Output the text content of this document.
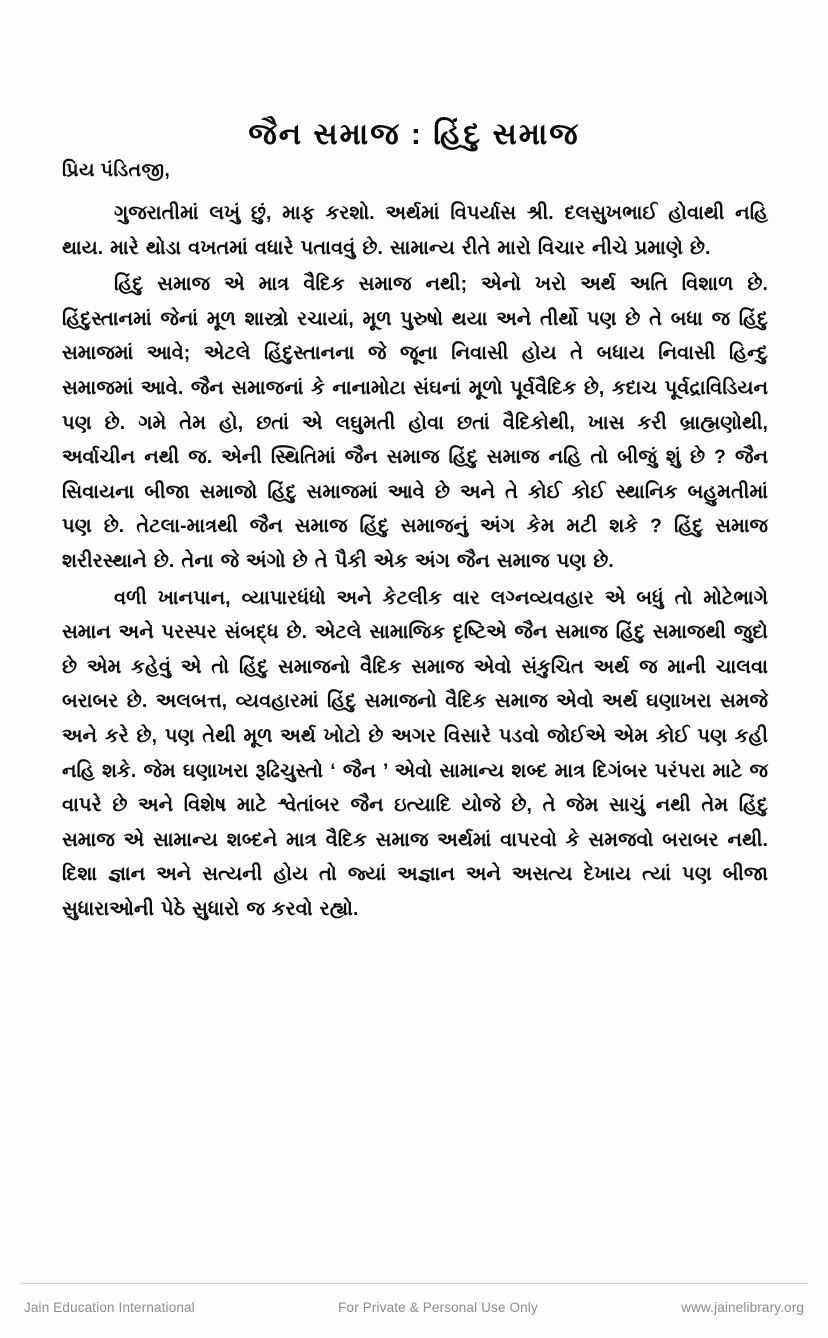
જૈન સમાજ : હિંદુ સમાજ
પ્રિય પંડિતજી,

ગુજરાતીમાં લખું છું, માફ કરશો. અર્થમાં વિપર્યાસ શ્રી. દલસુખભાઈ હોવાથી નહિ થાય. મારે થોડા વખતમાં વધારે પતાવવું છે. સામાન્ય રીતે મારો વિચાર નીચે પ્રમાણે છે.

હિંદુ સમાજ એ માત્ર વૈદિક સમાજ નથી; એનો ખરો અર્થ અતિ વિશાળ છે. હિંદુસ્તાનમાં જેનાં મૂળ શાસ્ત્રો રચાયાં, મૂળ પુરુષો થયા અને તીર્થો પણ છે તે બધા જ હિંદુ સમાજમાં આવે; એટલે હિંદુસ્તાનના જે જૂના નિવાસી હોય તે બધાય નિવાસી હિન્દુ સમાજમાં આવે. જૈન સમાજનાં કે નાનામોટા સંઘનાં મૂળો પૂર્વવૈદિક છે, કદાચ પૂર્વદ્રાવિડિયન પણ છે. ગમે તેમ હો, છતાં એ લઘુમતી હોવા છતાં વૈદિકોથી, ખાસ કરી બ્રાહ્મણોથી, અર્વાચીન નથી જ. એની સ્થિતિમાં જૈન સમાજ હિંદુ સમાજ નહિ તો બીજું શું છે ? જૈન સિવાયના બીજા સમાજો હિંદુ સમાજમાં આવે છે અને તે કોઈ કોઈ સ્થાનિક બહુમતીમાં પણ છે. તેટલા-માત્રથી જૈન સમાજ હિંદુ સમાજનું અંગ કેમ મટી શકે ? હિંદુ સમાજ શરીરસ્થાને છે. તેના જે અંગો છે તે પૈકી એક અંગ જૈન સમાજ પણ છે.

વળી ખાનપાન, વ્યાપારધંધો અને કેટલીક વાર લગ્નવ્યવહાર એ બધું તો મોટેભાગે સમાન અને પરસ્પર સંબદ્ધ છે. એટલે સામાજિક દૃષ્ટિએ જૈન સમાજ હિંદુ સમાજથી જુદો છે એમ કહેવું એ તો હિંદુ સમાજનો વૈદિક સમાજ એવો સંકુચિત અર્થ જ માની ચાલવા બરાબર છે. અલબત્ત, વ્યવહારમાં હિંદુ સમાજનો વૈદિક સમાજ એવો અર્થ ઘણાખરા સમજે અને કરે છે, પણ તેથી મૂળ અર્થ ખોટો છે અગર વિસારે પડવો જોઈએ એમ કોઈ પણ કહી નહિ શકે. જેમ ઘણાખરા રૂઢિચુસ્તો ‘ જૈન ’ એવો સામાન્ય શબ્દ માત્ર દિગંબર પરંપરા માટે જ વાપરે છે અને વિશેષ માટે શ્વેતાંબર જૈન ઇત્યાદિ યોજે છે, તે જેમ સાચું નથી તેમ હિંદુ સમાજ એ સામાન્ય શબ્દને માત્ર વૈદિક સમાજ અર્થમાં વાપરવો કે સમજવો બરાબર નથી. દિશા જ્ઞાન અને સત્યની હોય તો જ્યાં અજ્ઞાન અને અસત્ય દેખાય ત્યાં પણ બીજા સુધારાઓની પેઠે સુધારો જ કરવો રહ્યો.

Jain Education International	For Private & Personal Use Only	www.jainelibrary.org
